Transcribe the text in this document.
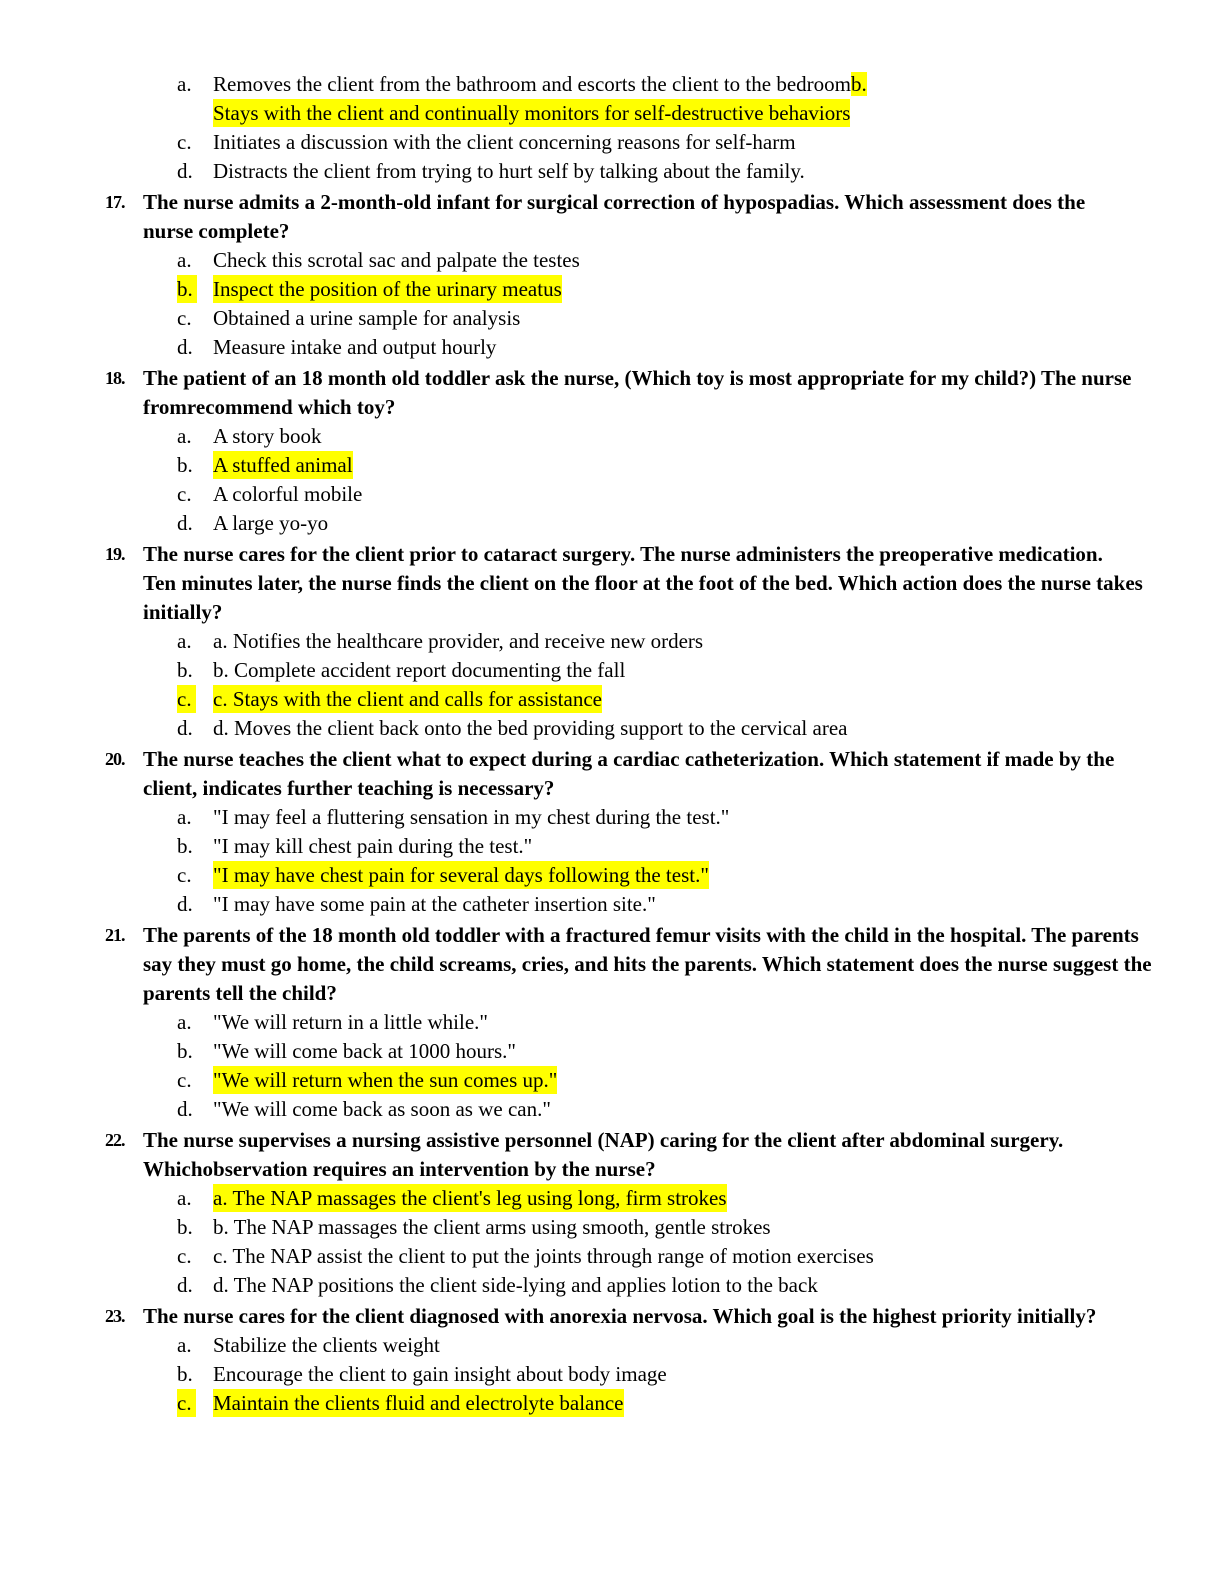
a. Removes the client from the bathroom and escorts the client to the bedroomb.
Stays with the client and continually monitors for self-destructive behaviors
c. Initiates a discussion with the client concerning reasons for self-harm
d. Distracts the client from trying to hurt self by talking about the family.
17. The nurse admits a 2-month-old infant for surgical correction of hypospadias. Which assessment does the
nurse complete?
a. Check this scrotal sac and palpate the testes
b. Inspect the position of the urinary meatus
c. Obtained a urine sample for analysis
d. Measure intake and output hourly
18. The patient of an 18 month old toddler ask the nurse, (Which toy is most appropriate for my child?) The nurse
fromrecommend which toy?
a. A story book
b. A stuffed animal
c. A colorful mobile
d. A large yo-yo
19. The nurse cares for the client prior to cataract surgery. The nurse administers the preoperative medication.
Ten minutes later, the nurse finds the client on the floor at the foot of the bed. Which action does the nurse takes
initially?
a. a. Notifies the healthcare provider, and receive new orders
b. b. Complete accident report documenting the fall
c. c. Stays with the client and calls for assistance
d. d. Moves the client back onto the bed providing support to the cervical area
20. The nurse teaches the client what to expect during a cardiac catheterization. Which statement if made by the
client, indicates further teaching is necessary?
a. "I may feel a fluttering sensation in my chest during the test."
b. "I may kill chest pain during the test."
c. "I may have chest pain for several days following the test."
d. "I may have some pain at the catheter insertion site."
21. The parents of the 18 month old toddler with a fractured femur visits with the child in the hospital. The parents
say they must go home, the child screams, cries, and hits the parents. Which statement does the nurse suggest the
parents tell the child?
a. "We will return in a little while."
b. "We will come back at 1000 hours."
c. "We will return when the sun comes up."
d. "We will come back as soon as we can."
22. The nurse supervises a nursing assistive personnel (NAP) caring for the client after abdominal surgery.
Whichobservation requires an intervention by the nurse?
a. a. The NAP massages the client's leg using long, firm strokes
b. b. The NAP massages the client arms using smooth, gentle strokes
c. c. The NAP assist the client to put the joints through range of motion exercises
d. d. The NAP positions the client side-lying and applies lotion to the back
23. The nurse cares for the client diagnosed with anorexia nervosa. Which goal is the highest priority initially?
a. Stabilize the clients weight
b. Encourage the client to gain insight about body image
c. Maintain the clients fluid and electrolyte balance
